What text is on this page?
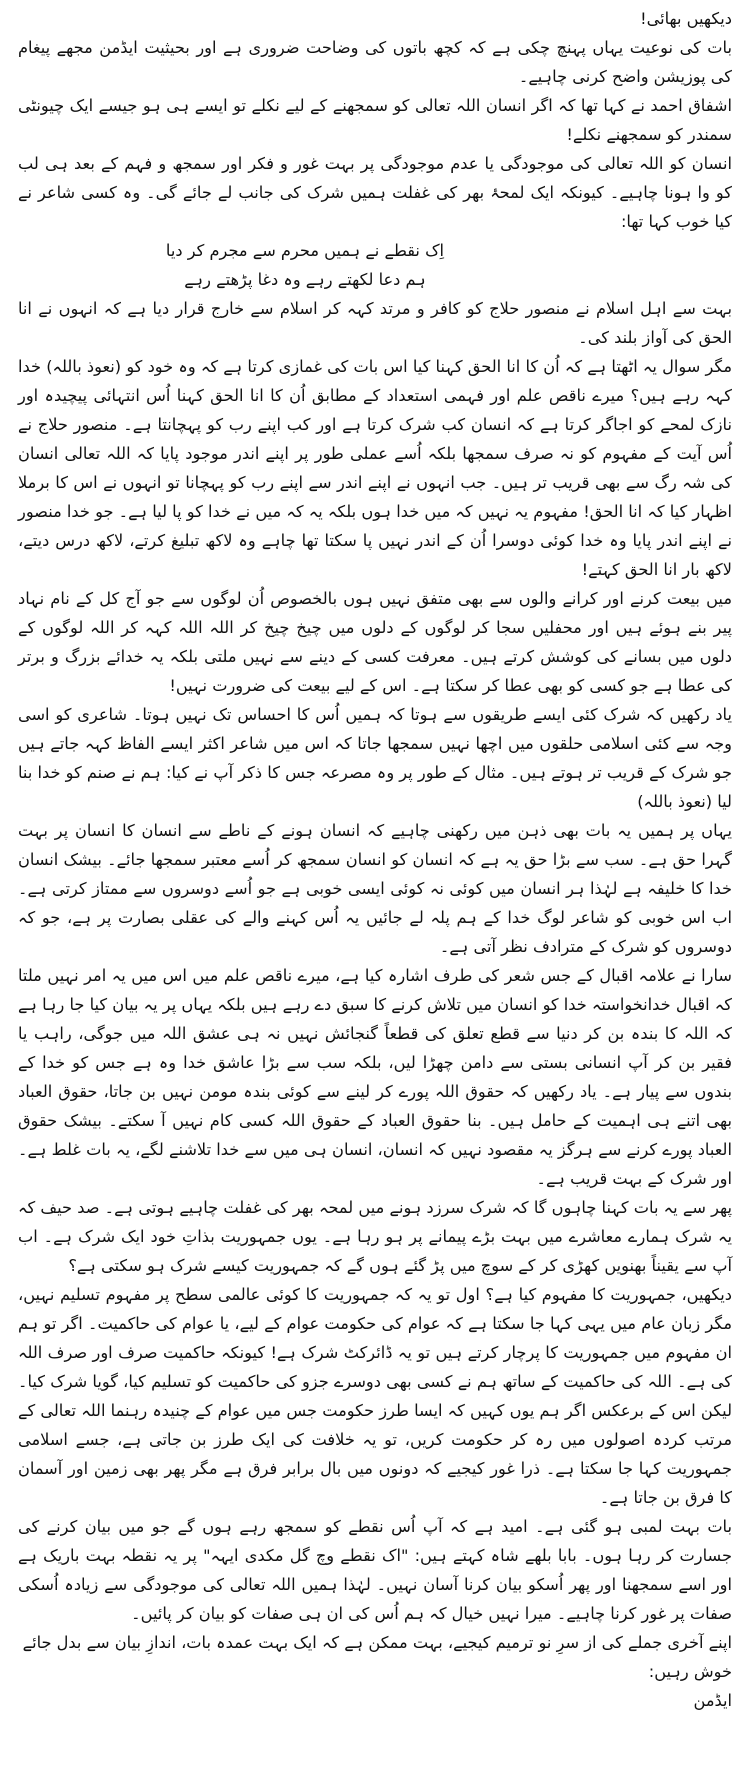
دیکھیں بھائی!

بات کی نوعیت یہاں پہنچ چکی ہے کہ کچھ باتوں کی وضاحت ضروری ہے اور بحیثیت ایڈمن مجھے پیغام کی پوزیشن واضح کرنی چاہیے۔

اشفاق احمد نے کہا تھا کہ اگر انسان اللہ تعالی کو سمجھنے کے لیے نکلے تو ایسے ہی ہو جیسے ایک چیونٹی سمندر کو سمجھنے نکلے!

انسان کو اللہ تعالی کی موجودگی یا عدم موجودگی پر بہت غور و فکر اور سمجھ و فہم کے بعد ہی لب کو وا ہونا چاہیے۔ کیونکہ ایک لمحۂ بھر کی غفلت ہمیں شرک کی جانب لے جائے گی۔ وہ کسی شاعر نے کیا خوب کہا تھا:

اِک نقطے نے ہمیں محرم سے مجرم کر دیا

ہم دعا لکھتے رہے وہ دغا پڑھتے رہے

بہت سے اہل اسلام نے منصور حلاج کو کافر و مرتد کہہ کر اسلام سے خارج قرار دیا ہے کہ انہوں نے انا الحق کی آواز بلند کی۔

مگر سوال یہ اٹھتا ہے کہ اُن کا انا الحق کہنا کیا اس بات کی غمازی کرتا ہے کہ وہ خود کو (نعوذ باللہ) خدا کہہ رہے ہیں؟ میرے ناقص علم اور فہمی استعداد کے مطابق اُن کا انا الحق کہنا اُس انتہائی پیچیدہ اور نازک لمحے کو اجاگر کرتا ہے کہ انسان کب شرک کرتا ہے اور کب اپنے رب کو پہچانتا ہے۔ منصور حلاج نے اُس آیت کے مفہوم کو نہ صرف سمجھا بلکہ اُسے عملی طور پر اپنے اندر موجود پایا کہ اللہ تعالی انسان کی شہ رگ سے بھی قریب تر ہیں۔ جب انہوں نے اپنے اندر سے اپنے رب کو پہچانا تو انہوں نے اس کا برملا اظہار کیا کہ انا الحق! مفہوم یہ نہیں کہ میں خدا ہوں بلکہ یہ کہ میں نے خدا کو پا لیا ہے۔ جو خدا منصور نے اپنے اندر پایا وہ خدا کوئی دوسرا اُن کے اندر نہیں پا سکتا تھا چاہے وہ لاکھ تبلیغ کرتے، لاکھ درس دیتے، لاکھ بار انا الحق کہتے!

میں بیعت کرنے اور کرانے والوں سے بھی متفق نہیں ہوں بالخصوص اُن لوگوں سے جو آج کل کے نام نہاد پیر بنے ہوئے ہیں اور محفلیں سجا کر لوگوں کے دلوں میں چیخ چیخ کر اللہ اللہ کہہ کر اللہ لوگوں کے دلوں میں بسانے کی کوشش کرتے ہیں۔ معرفت کسی کے دینے سے نہیں ملتی بلکہ یہ خدائے بزرگ و برتر کی عطا ہے جو کسی کو بھی عطا کر سکتا ہے۔ اس کے لیے بیعت کی ضرورت نہیں!

یاد رکھیں کہ شرک کئی ایسے طریقوں سے ہوتا کہ ہمیں اُس کا احساس تک نہیں ہوتا۔ شاعری کو اسی وجہ سے کئی اسلامی حلقوں میں اچھا نہیں سمجھا جاتا کہ اس میں شاعر اکثر ایسے الفاظ کہہ جاتے ہیں جو شرک کے قریب تر ہوتے ہیں۔ مثال کے طور پر وہ مصرعہ جس کا ذکر آپ نے کیا: ہم نے صنم کو خدا بنا لیا (نعوذ باللہ)

یہاں پر ہمیں یہ بات بھی ذہن میں رکھنی چاہیے کہ انسان ہونے کے ناطے سے انسان کا انسان پر بہت گہرا حق ہے۔ سب سے بڑا حق یہ ہے کہ انسان کو انسان سمجھ کر اُسے معتبر سمجھا جائے۔ بیشک انسان خدا کا خلیفہ ہے لہٰذا ہر انسان میں کوئی نہ کوئی ایسی خوبی ہے جو اُسے دوسروں سے ممتاز کرتی ہے۔ اب اس خوبی کو شاعر لوگ خدا کے ہم پلہ لے جائیں یہ اُس کہنے والے کی عقلی بصارت پر ہے، جو کہ دوسروں کو شرک کے مترادف نظر آتی ہے۔

سارا نے علامہ اقبال کے جس شعر کی طرف اشارہ کیا ہے، میرے ناقص علم میں اس میں یہ امر نہیں ملتا کہ اقبال خدانخواستہ خدا کو انسان میں تلاش کرنے کا سبق دے رہے ہیں بلکہ یہاں پر یہ بیان کیا جا رہا ہے کہ اللہ کا بندہ بن کر دنیا سے قطع تعلق کی قطعاً گنجائش نہیں نہ ہی عشق اللہ میں جوگی، راہب یا فقیر بن کر آپ انسانی بستی سے دامن چھڑا لیں، بلکہ سب سے بڑا عاشق خدا وہ ہے جس کو خدا کے بندوں سے پیار ہے۔ یاد رکھیں کہ حقوق اللہ پورے کر لینے سے کوئی بندہ مومن نہیں بن جاتا، حقوق العباد بھی اتنے ہی اہمیت کے حامل ہیں۔ بنا حقوق العباد کے حقوق اللہ کسی کام نہیں آ سکتے۔ بیشک حقوق العباد پورے کرنے سے ہرگز یہ مقصود نہیں کہ انسان، انسان ہی میں سے خدا تلاشنے لگے، یہ بات غلط ہے۔ اور شرک کے بہت قریب ہے۔

پھر سے یہ بات کہنا چاہوں گا کہ شرک سرزد ہونے میں لمحہ بھر کی غفلت چاہیے ہوتی ہے۔ صد حیف کہ یہ شرک ہمارے معاشرے میں بہت بڑے پیمانے پر ہو رہا ہے۔ یوں جمہوریت بذاتِ خود ایک شرک ہے۔ اب آپ سے یقیناً بھنویں کھڑی کر کے سوچ میں پڑ گئے ہوں گے کہ جمہوریت کیسے شرک ہو سکتی ہے؟

دیکھیں، جمہوریت کا مفہوم کیا ہے؟ اول تو یہ کہ جمہوریت کا کوئی عالمی سطح پر مفہوم تسلیم نہیں، مگر زبان عام میں یہی کہا جا سکتا ہے کہ عوام کی حکومت عوام کے لیے، یا عوام کی حاکمیت۔ اگر تو ہم ان مفہوم میں جمہوریت کا پرچار کرتے ہیں تو یہ ڈائرکٹ شرک ہے! کیونکہ حاکمیت صرف اور صرف اللہ کی ہے۔ اللہ کی حاکمیت کے ساتھ ہم نے کسی بھی دوسرے جزو کی حاکمیت کو تسلیم کیا، گویا شرک کیا۔ لیکن اس کے برعکس اگر ہم یوں کہیں کہ ایسا طرز حکومت جس میں عوام کے چنیدہ رہنما اللہ تعالی کے مرتب کردہ اصولوں میں رہ کر حکومت کریں، تو یہ خلافت کی ایک طرز بن جاتی ہے، جسے اسلامی جمہوریت کہا جا سکتا ہے۔ ذرا غور کیجیے کہ دونوں میں بال برابر فرق ہے مگر پھر بھی زمین اور آسمان کا فرق بن جاتا ہے۔

بات بہت لمبی ہو گئی ہے۔ امید ہے کہ آپ اُس نقطے کو سمجھ رہے ہوں گے جو میں بیان کرنے کی جسارت کر رہا ہوں۔ بابا بلھے شاہ کہتے ہیں: "اک نقطے وچ گل مکدی ایہہ" پر یہ نقطہ بہت باریک ہے اور اسے سمجھنا اور پھر اُسکو بیان کرنا آسان نہیں۔ لہٰذا ہمیں اللہ تعالی کی موجودگی سے زیادہ اُسکی صفات پر غور کرنا چاہیے۔ میرا نہیں خیال کہ ہم اُس کی ان ہی صفات کو بیان کر پائیں۔

اپنے آخری جملے کی از سرِ نو ترمیم کیجیے، بہت ممکن ہے کہ ایک بہت عمدہ بات، اندازِ بیان سے بدل جائے

خوش رہیں:

ایڈمن
